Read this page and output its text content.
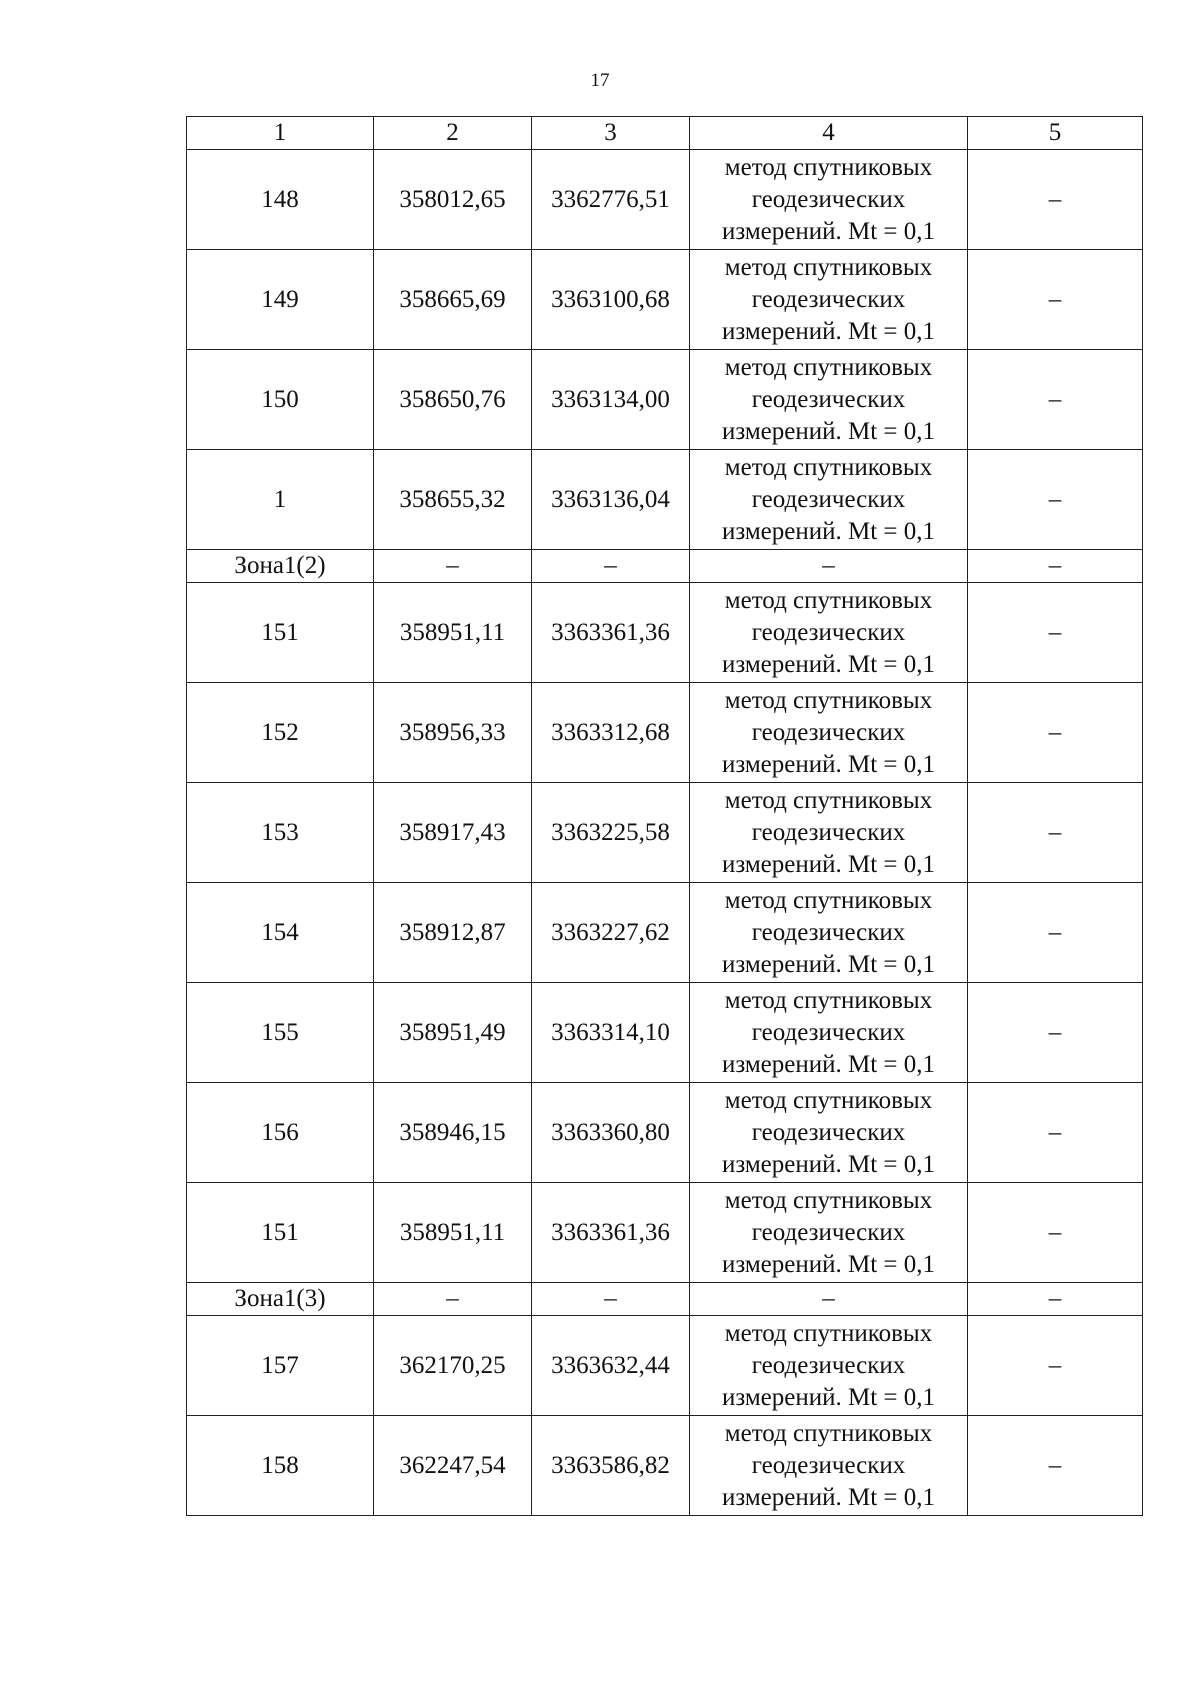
17
1	2	3	4	5
148	358012,65	3362776,51	метод спутниковых
геодезических
измерений. Mt = 0,1	–
149	358665,69	3363100,68	метод спутниковых
геодезических
измерений. Mt = 0,1	–
150	358650,76	3363134,00	метод спутниковых
геодезических
измерений. Mt = 0,1	–
1	358655,32	3363136,04	метод спутниковых
геодезических
измерений. Mt = 0,1	–
Зона1(2)	–	–	–	–
151	358951,11	3363361,36	метод спутниковых
геодезических
измерений. Mt = 0,1	–
152	358956,33	3363312,68	метод спутниковых
геодезических
измерений. Mt = 0,1	–
153	358917,43	3363225,58	метод спутниковых
геодезических
измерений. Mt = 0,1	–
154	358912,87	3363227,62	метод спутниковых
геодезических
измерений. Mt = 0,1	–
155	358951,49	3363314,10	метод спутниковых
геодезических
измерений. Mt = 0,1	–
156	358946,15	3363360,80	метод спутниковых
геодезических
измерений. Mt = 0,1	–
151	358951,11	3363361,36	метод спутниковых
геодезических
измерений. Mt = 0,1	–
Зона1(3)	–	–	–	–
157	362170,25	3363632,44	метод спутниковых
геодезических
измерений. Mt = 0,1	–
158	362247,54	3363586,82	метод спутниковых
геодезических
измерений. Mt = 0,1	–
